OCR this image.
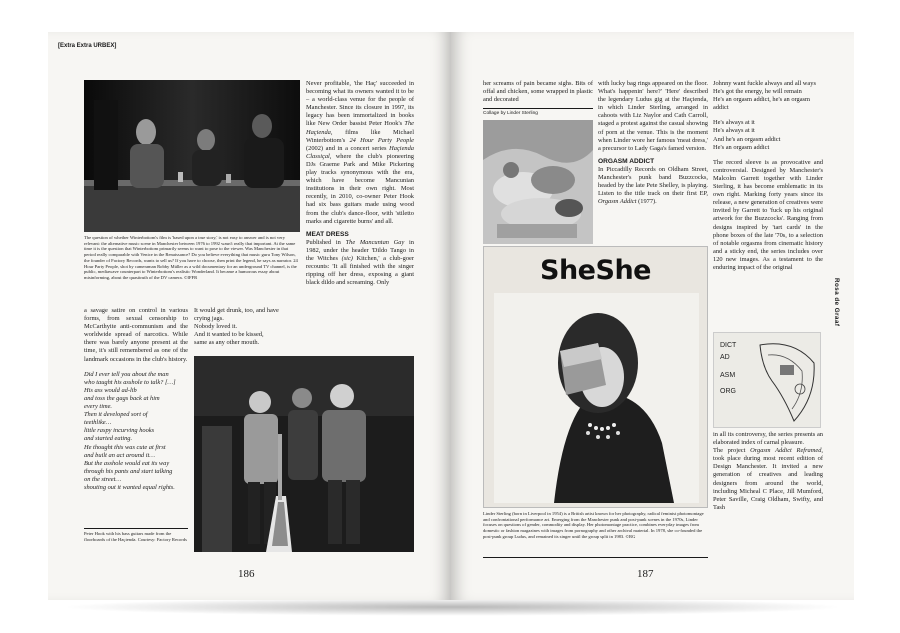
[Extra Extra URBEX]
The question of whether Winterbottom's film is 'based upon a true story,' is not easy to answer and is not very relevant: the alternative music scene in Manchester between 1976 to 1992 wasn't really that important. At the same time it is the question that Winterbottom primarily seems to want to pose to the viewer. Was Manchester in that period really comparable with Venice in the Renaissance? Do you believe everything that music guru Tony Wilson, the founder of Factory Records, wants to sell us? If you have to choose, then print the legend, he says as narrator. 24 Hour Party People, shot by cameraman Robby Müller as a wild documentary for an underground TV channel, is the public, mediawave counterpart to Winterbottom's realistic Wonderland. It became a humorous essay about misinforming, about the quasitruth of the DV camera. ©IFFR

Never profitable, 'the Haç' succeeded in becoming what its owners wanted it to be – a world-class venue for the people of Manchester. Since its closure in 1997, its legacy has been immortalized in books like New Order bassist Peter Hook's The Haçienda, films like Michael Winterbottom's 24 Hour Party People (2002) and in a concert series Haçienda Classiçal, where the club's pioneering DJs Graeme Park and Mike Pickering play tracks synonymous with the era, which have become Mancunian institutions in their own right. Most recently, in 2010, co-owner Peter Hook had six bass guitars made using wood from the club's dance-floor, with 'stiletto marks and cigarette burns' and all.

MEAT DRESS

Published in The Mancuntan Gay in 1982, under the header 'Dildo Tango in the Witches (sic) Kitchen,' a club-goer recounts: 'It all finished with the singer ripping off her dress, exposing a giant black dildo and screaming. Only

a savage satire on control in various forms, from sexual censorship to McCarthyite anti-communism and the worldwide spread of narcotics. While there was barely anyone present at the time, it's still remembered as one of the landmark occasions in the club's history.

Did I ever tell you about the man
who taught his asshole to talk? […]
His ass would ad-lib
and toss the gags back at him
every time.
Then it developed sort of
teethlike…
little raspy incurving hooks
and started eating.
He thought this was cute at first
and built an act around it…
But the asshole would eat its way
through his pants and start talking
on the street…
shouting out it wanted equal rights.
Peter Hook with his bass guitars made from the floorboards of the Haçienda. Courtesy: Factory Records
It would get drunk, too, and have
crying jags.
Nobody loved it.
And it wanted to be kissed,
same as any other mouth.
186
her screams of pain became sighs. Bits of offal and chicken, some wrapped in plastic and decorated
Collage by Linder Sterling

with lucky bag rings appeared on the floor. What's happenin' here?' 'Here' described the legendary Ludus gig at the Haçienda, in which Linder Sterling, arranged in cahoots with Liz Naylor and Cath Carroll, staged a protest against the casual showing of porn at the venue. This is the moment when Linder wore her famous 'meat dress,' a precursor to Lady Gaga's famed version.

ORGASM ADDICT

In Piccadilly Records on Oldham Street, Manchester's punk band Buzzcocks, headed by the late Pete Shelley, is playing. Listen to the title track on their first EP, Orgasm Addict (1977).

SheShe
Linder Sterling (born in Liverpool in 1954) is a British artist known for her photography, radical feminist photomontage and confrontational performance art. Emerging from the Manchester punk and post-punk scenes in the 1970s, Linder focuses on questions of gender, commodity and display. Her photomontage practice, combines everyday images from domestic or fashion magazines with images from pornography and other archival material. In 1978, she co-founded the post-punk group Ludus, and remained its singer until the group split in 1983. ©RG
Johnny want fuckle always and all ways
He's got the energy, he will remain
He's an orgasm addict, he's an orgasm addict
He's always at it
He's always at it
And he's an orgasm addict
He's an orgasm addict

The record sleeve is as provocative and controversial. Designed by Manchester's Malcolm Garrett together with Linder Sterling, it has become emblematic in its own right. Marking forty years since its release, a new generation of creatives were invited by Garrett to 'fuck up his original artwork for the Buzzcocks'. Ranging from designs inspired by 'tart cards' in the phone boxes of the late '70s, to a selection of notable orgasms from cinematic history and a sticky end, the series includes over 120 new images. As a testament to the enduring impact of the original

DICT
AD
ASM
ORG

in all its controversy, the series presents an elaborated index of carnal pleasure.

The project Orgasm Addict Reframed, took place during most recent edition of Design Manchester. It invited a new generation of creatives and leading designers from around the world, including Micheal C Place, Jill Mumford, Peter Saville, Craig Oldham, Swifty, and Tash

Rosa de Graaf
187
